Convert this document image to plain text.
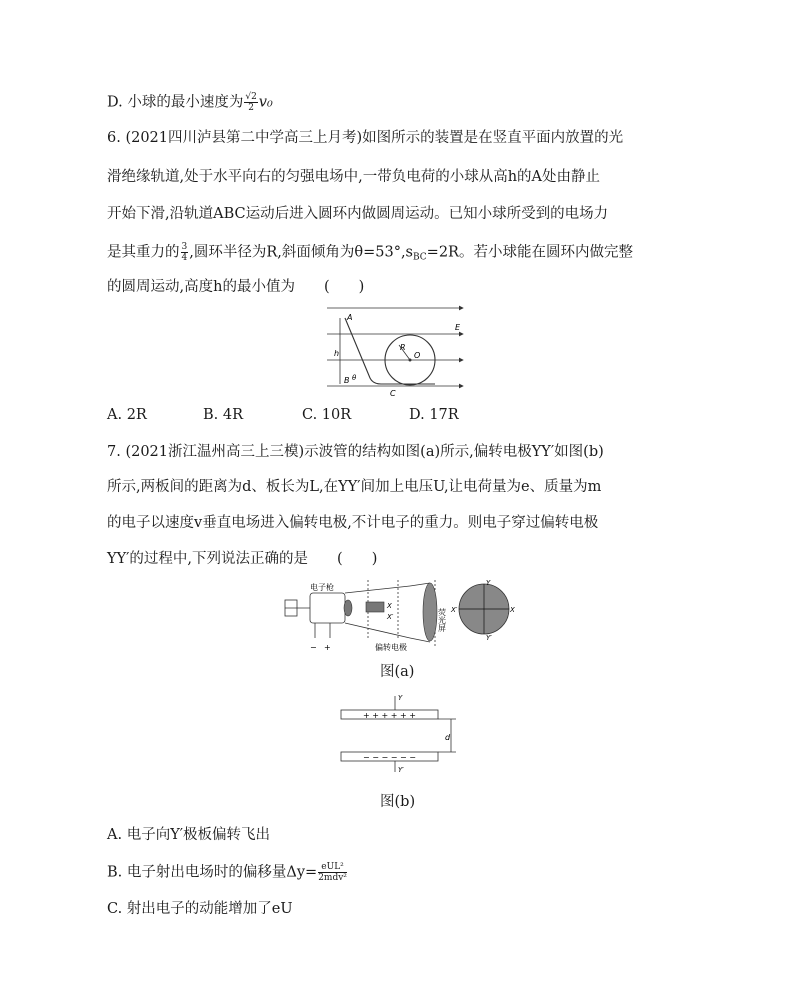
D. 小球的最小速度为 $\frac{√2}{2} v_0$
6. (2021四川泸县第二中学高三上月考)如图所示的装置是在竖直平面内放置的光
滑绝缘轨道,处于水平向右的匀强电场中,一带负电荷的小球从高h的A处由静止
开始下滑,沿轨道ABC运动后进入圆环内做圆周运动。已知小球所受到的电场力
是其重力的 $\frac{3}{4}$ ,圆环半径为R,斜面倾角为$\theta=53^\circ,s_{BC}=2R$。若小球能在圆环内做完整
的圆周运动,高度h的最小值为　　(　　)
A
E
h
R
O
B θ
C
A. 2R	B. 4R	C. 10R	D. 17R
7. (2021浙江温州高三上三模)示波管的结构如图(a)所示,偏转电极YY′如图(b)
所示,两板间的距离为d、板长为L,在YY′间加上电压U,让电荷量为e、质量为m
的电子以速度v垂直电场进入偏转电极,不计电子的重力。则电子穿过偏转电极
YY′的过程中,下列说法正确的是　　(　　)
电子枪
偏转电极
荧光屏
− +
X
X′
Y
Y′
X′	X
图(a)
+ + + + + +
− − − − − −
Y
Y′
d
图(b)
A. 电子向Y′极板偏转飞出
B. 电子射出电场时的偏移量$\Delta y= \frac{\text{eUL²}}{\text{2mdv²}}$
C. 射出电子的动能增加了eU
